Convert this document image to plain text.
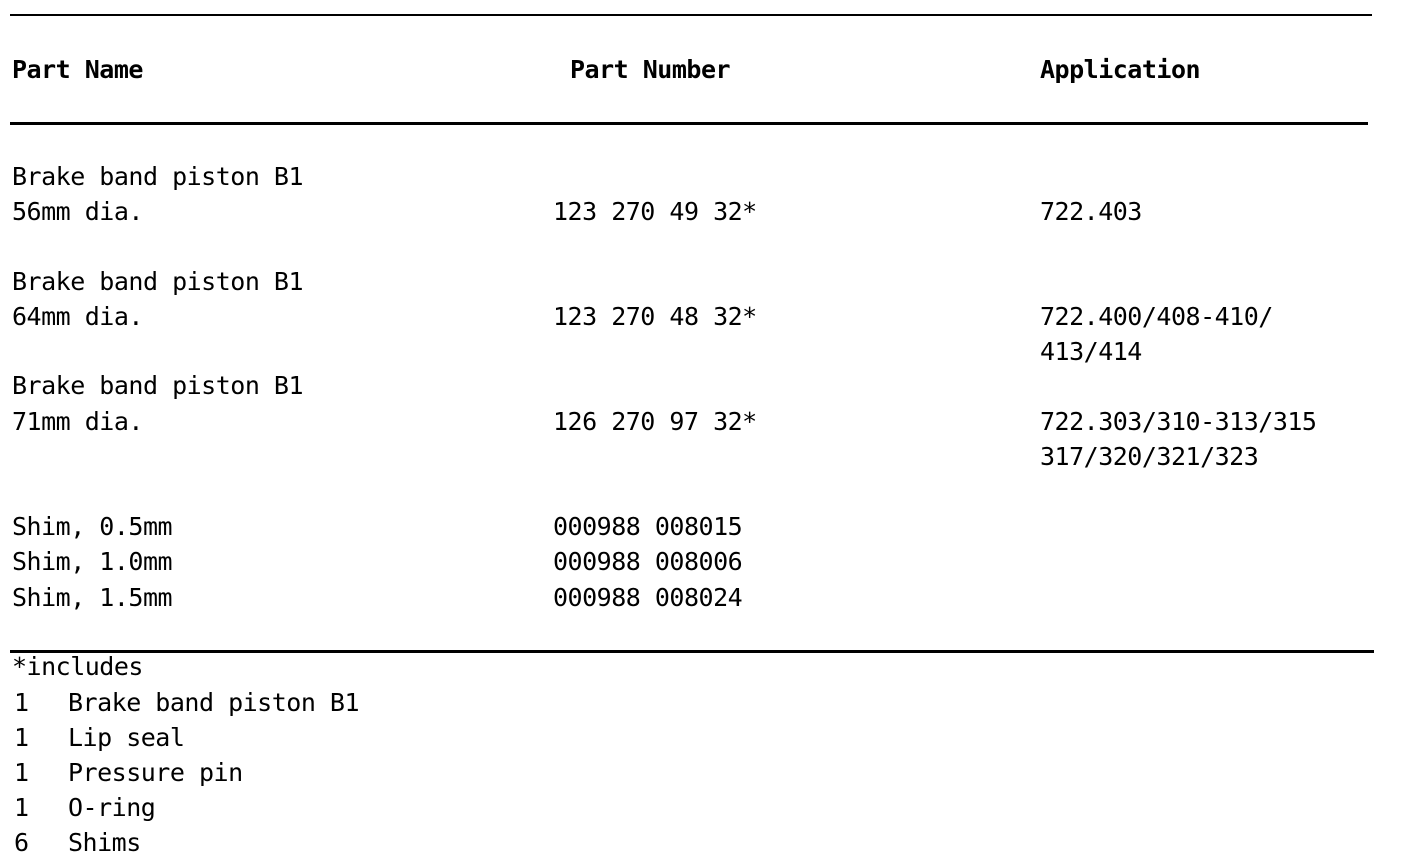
Part Name	Part Number	Application
Brake band piston B1
56mm dia.	123 270 49 32*	722.403
Brake band piston B1
64mm dia.	123 270 48 32*	722.400/408-410/
413/414
Brake band piston B1
71mm dia.	126 270 97 32*	722.303/310-313/315
317/320/321/323
Shim, 0.5mm	000988 008015
Shim, 1.0mm	000988 008006
Shim, 1.5mm	000988 008024
*includes
1 Brake band piston B1
1 Lip seal
1 Pressure pin
1 O-ring
6 Shims
